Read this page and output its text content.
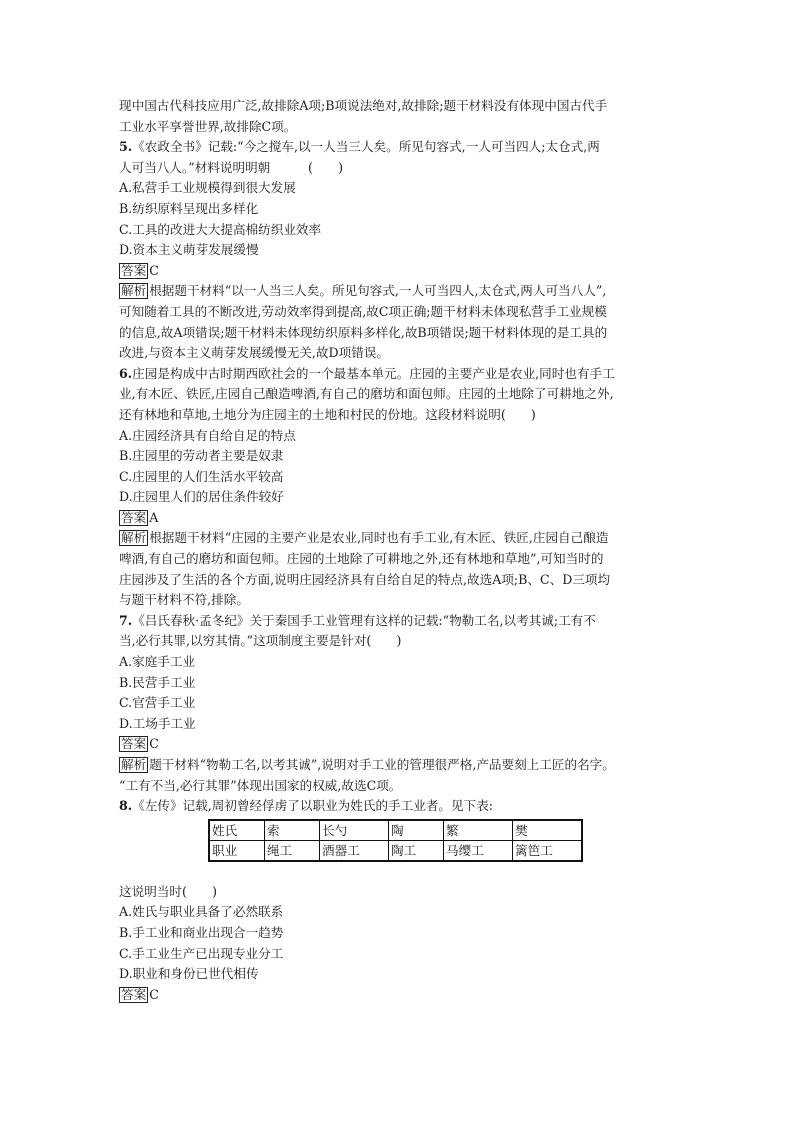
现中国古代科技应用广泛,故排除A项;B项说法绝对,故排除;题干材料没有体现中国古代手

工业水平享誉世界,故排除C项。

5.《农政全书》记载:“今之搅车,以一人当三人矣。所见句容式,一人可当四人;太仓式,两

人可当八人。”材料说明明朝　　　(　　)

A.私营手工业规模得到很大发展

B.纺织原料呈现出多样化

C.工具的改进大大提高棉纺织业效率

D.资本主义萌芽发展缓慢

答案 C

解析 根据题干材料“以一人当三人矣。所见句容式,一人可当四人,太仓式,两人可当八人”,

可知随着工具的不断改进,劳动效率得到提高,故C项正确;题干材料未体现私营手工业规模

的信息,故A项错误;题干材料未体现纺织原料多样化,故B项错误;题干材料体现的是工具的

改进,与资本主义萌芽发展缓慢无关,故D项错误。

6.庄园是构成中古时期西欧社会的一个最基本单元。庄园的主要产业是农业,同时也有手工

业,有木匠、铁匠,庄园自己酿造啤酒,有自己的磨坊和面包师。庄园的土地除了可耕地之外,

还有林地和草地,土地分为庄园主的土地和村民的份地。这段材料说明(　　)

A.庄园经济具有自给自足的特点

B.庄园里的劳动者主要是奴隶

C.庄园里的人们生活水平较高

D.庄园里人们的居住条件较好

答案 A

解析 根据题干材料“庄园的主要产业是农业,同时也有手工业,有木匠、铁匠,庄园自己酿造

啤酒,有自己的磨坊和面包师。庄园的土地除了可耕地之外,还有林地和草地”,可知当时的

庄园涉及了生活的各个方面,说明庄园经济具有自给自足的特点,故选A项;B、C、D三项均

与题干材料不符,排除。

7.《吕氏春秋·孟冬纪》关于秦国手工业管理有这样的记载:“物勒工名,以考其诚;工有不

当,必行其罪,以穷其情。”这项制度主要是针对(　　)

A.家庭手工业

B.民营手工业

C.官营手工业

D.工场手工业

答案 C

解析 题干材料“物勒工名,以考其诚”,说明对手工业的管理很严格,产品要刻上工匠的名字。

“工有不当,必行其罪”体现出国家的权威,故选C项。

8.《左传》记载,周初曾经俘虏了以职业为姓氏的手工业者。见下表:

姓氏	索	长勺	陶	繁	樊
职业	绳工	酒器工	陶工	马缨工	篱笆工

这说明当时(　　)

A.姓氏与职业具备了必然联系

B.手工业和商业出现合一趋势

C.手工业生产已出现专业分工

D.职业和身份已世代相传

答案 C
